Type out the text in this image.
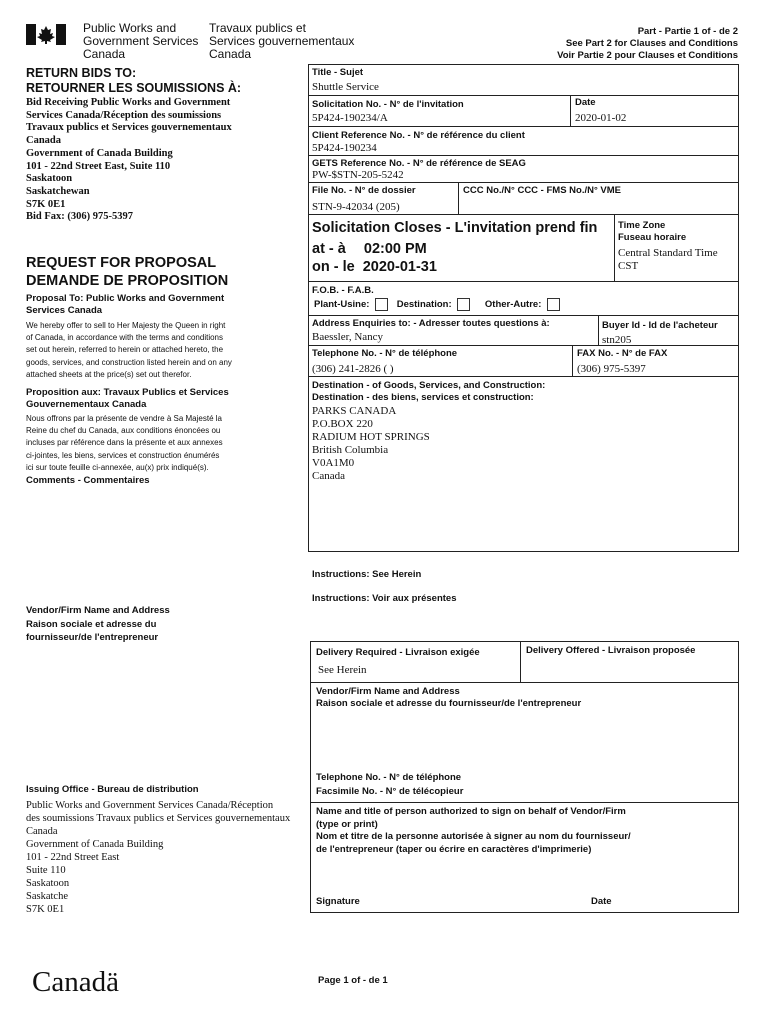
Public Works and
Government Services
Canada
Travaux publics et
Services gouvernementaux
Canada
Part - Partie 1 of - de 2
See Part 2 for Clauses and Conditions
Voir Partie 2 pour Clauses et Conditions
RETURN BIDS TO:
RETOURNER LES SOUMISSIONS À:
Bid Receiving Public Works and Government
Services Canada/Réception des soumissions
Travaux publics et Services gouvernementaux
Canada
Government of Canada Building
101 - 22nd Street East, Suite 110
Saskatoon
Saskatchewan
S7K 0E1
Bid Fax: (306) 975-5397
REQUEST FOR PROPOSAL
DEMANDE DE PROPOSITION
Proposal To: Public Works and Government Services Canada
We hereby offer to sell to Her Majesty the Queen in right
of Canada, in accordance with the terms and conditions
set out herein, referred to herein or attached hereto, the
goods, services, and construction listed herein and on any
attached sheets at the price(s) set out therefor.
Proposition aux: Travaux Publics et Services Gouvernementaux Canada
Nous offrons par la présente de vendre à Sa Majesté la
Reine du chef du Canada, aux conditions énoncées ou
incluses par référence dans la présente et aux annexes
ci-jointes, les biens, services et construction énumérés
ici sur toute feuille ci-annexée, au(x) prix indiqué(s).
Comments - Commentaires
Vendor/Firm Name and Address
Raison sociale et adresse du
fournisseur/de l'entrepreneur
Issuing Office - Bureau de distribution
Public Works and Government Services Canada/Réception
des soumissions Travaux publics et Services gouvernementaux
Canada
Government of Canada Building
101 - 22nd Street East
Suite 110
Saskatoon
Saskatche
S7K 0E1
Title - Sujet
Shuttle Service
Solicitation No. - N° de l'invitation
5P424-190234/A
Date
2020-01-02
Client Reference No. - N° de référence du client
5P424-190234
GETS Reference No. - N° de référence de SEAG
PW-$STN-205-5242
File No. - N° de dossier
STN-9-42034 (205)
CCC No./N° CCC - FMS No./N° VME
Solicitation Closes - L'invitation prend fin
at - à 02:00 PM
on - le 2020-01-31
Time Zone
Fuseau horaire
Central Standard Time
CST
F.O.B. - F.A.B.
Plant-Usine:	Destination:	Other-Autre:
Address Enquiries to: - Adresser toutes questions à:
Baessler, Nancy
Buyer Id - Id de l'acheteur
stn205
Telephone No. - N° de téléphone
(306) 241-2826 ( )
FAX No. - N° de FAX
(306) 975-5397
Destination - of Goods, Services, and Construction:
Destination - des biens, services et construction:
PARKS CANADA
P.O.BOX 220
RADIUM HOT SPRINGS
British Columbia
V0A1M0
Canada
Instructions: See Herein
Instructions: Voir aux présentes
Delivery Required - Livraison exigée
See Herein
Delivery Offered - Livraison proposée
Vendor/Firm Name and Address
Raison sociale et adresse du fournisseur/de l'entrepreneur
Telephone No. - N° de téléphone
Facsimile No. - N° de télécopieur
Name and title of person authorized to sign on behalf of Vendor/Firm
(type or print)
Nom et titre de la personne autorisée à signer au nom du fournisseur/
de l'entrepreneur (taper ou écrire en caractères d'imprimerie)
Signature	Date
Canadä	Page 1 of - de 1
